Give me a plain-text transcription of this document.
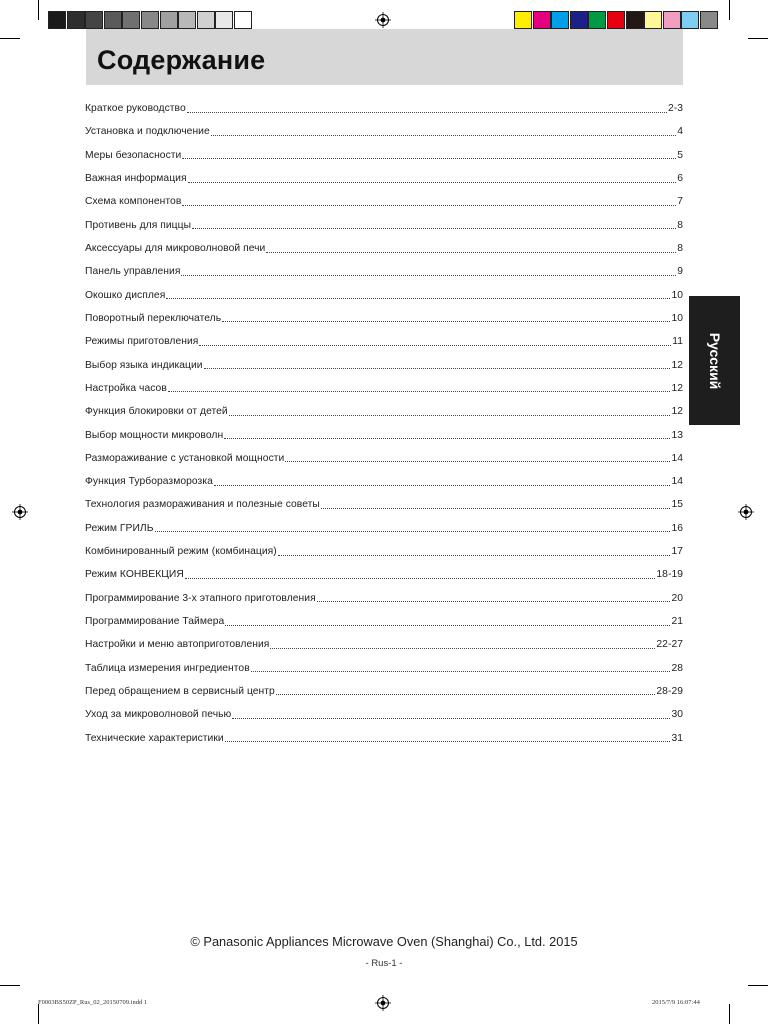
Содержание
Краткое руководство	2-3
Установка и подключение	4
Меры безопасности	5
Важная информация	6
Схема компонентов	7
Противень для пиццы	8
Аксессуары для микроволновой печи	8
Панель управления	9
Окошко дисплея	10
Поворотный переключатель	10
Режимы приготовления	11
Выбор языка индикации	12
Настройка часов	12
Функция блокировки от детей	12
Выбор мощности микроволн	13
Размораживание с установкой мощности	14
Функция Турборазморозка	14
Технология размораживания и полезные советы	15
Режим ГРИЛЬ	16
Комбинированный режим (комбинация)	17
Режим КОНВЕКЦИЯ	18-19
Программирование 3-х этапного приготовления	20
Программирование Таймера	21
Настройки и меню автоприготовления	22-27
Таблица измерения ингредиентов	28
Перед обращением в сервисный центр	28-29
Уход за микроволновой печью	30
Технические характеристики	31
Русский
© Panasonic Appliances Microwave Oven (Shanghai) Co., Ltd. 2015
- Rus-1 -
F0003BS50ZP_Rus_02_20150709.indd 1	2015/7/9 16:07:44
